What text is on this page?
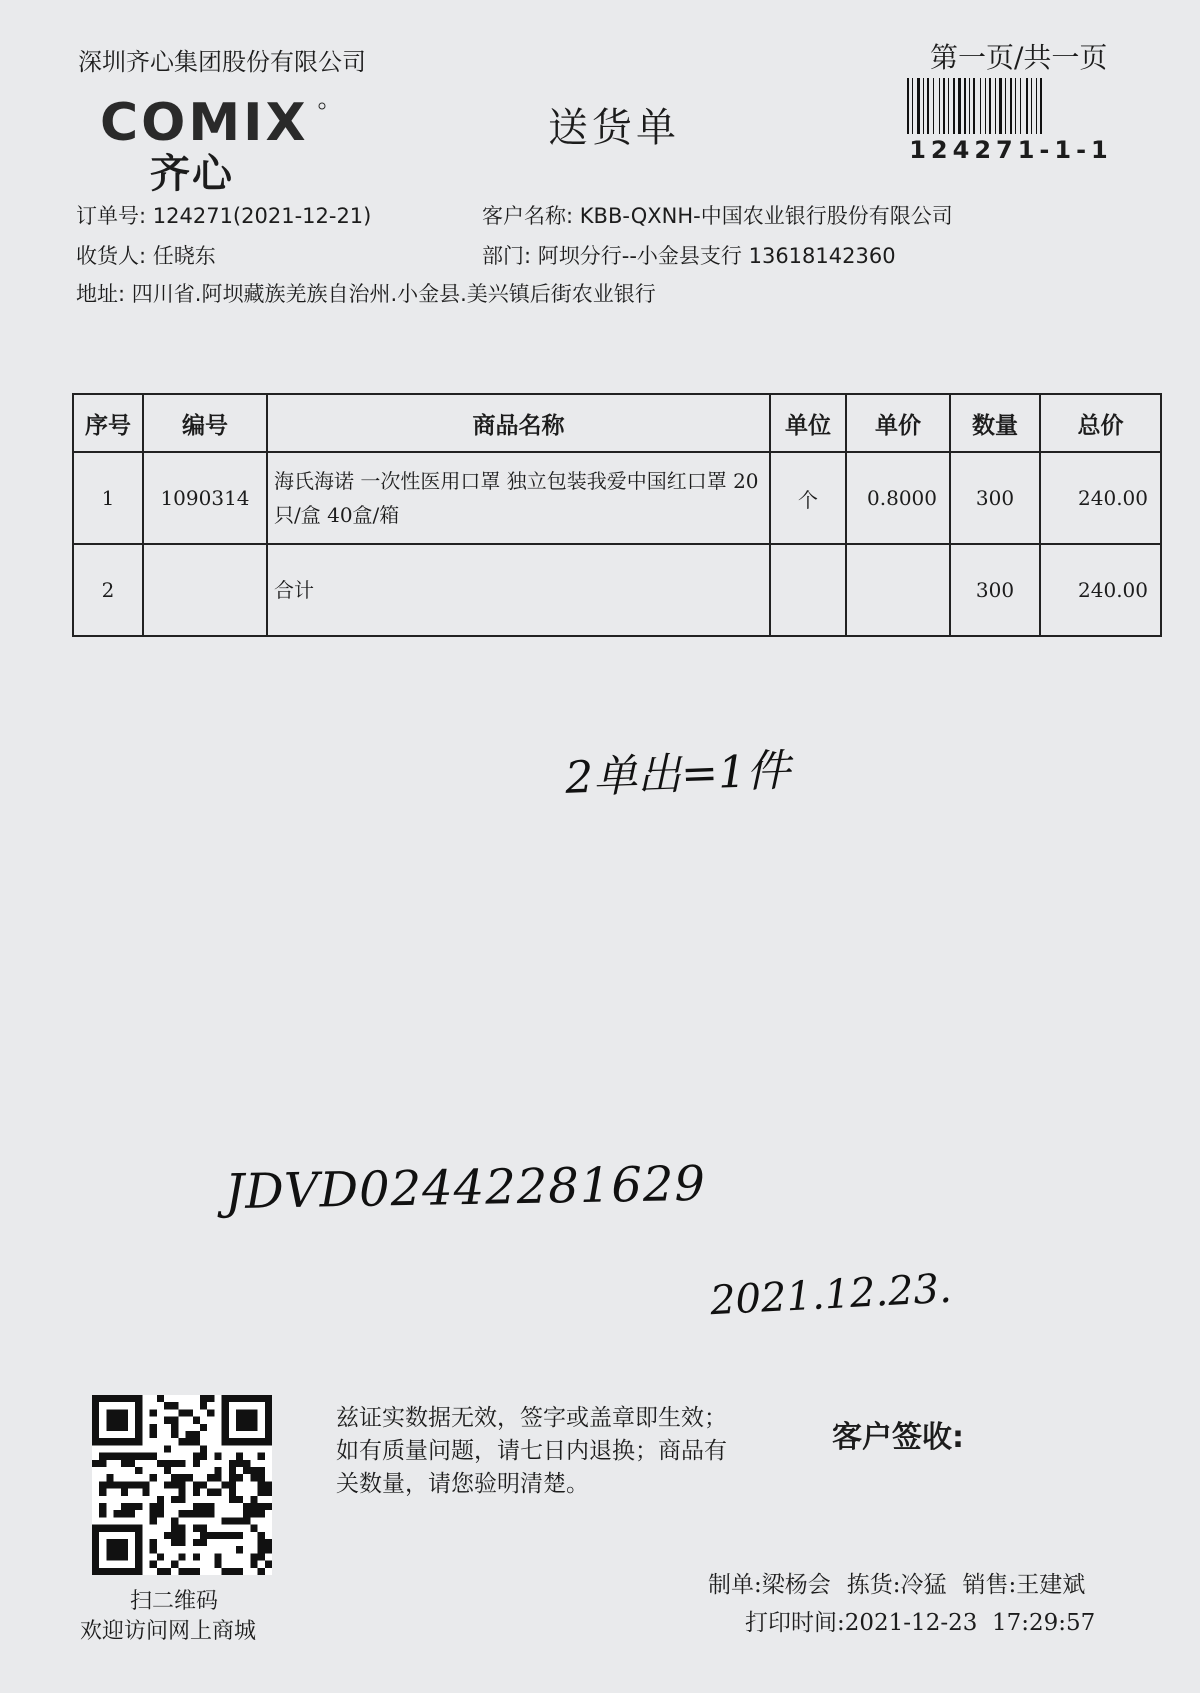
深圳齐心集团股份有限公司	第一页/共一页
124271-1-1
COMIX
齐心
送货单
订单号: 124271(2021-12-21)	客户名称: KBB-QXNH-中国农业银行股份有限公司
收货人: 任晓东	部门: 阿坝分行--小金县支行 13618142360
地址: 四川省.阿坝藏族羌族自治州.小金县.美兴镇后街农业银行
序号	编号	商品名称	单位	单价	数量	总价
1	1090314	海氏海诺 一次性医用口罩 独立包装我爱中国红口罩 20只/盒 40盒/箱	个	0.8000	300	240.00
2		合计			300	240.00
2单出=1件
JDVD02442281629
2021.12.23.
扫二维码
欢迎访问网上商城
兹证实数据无效，签字或盖章即生效；如有质量问题，请七日内退换；商品有关数量，请您验明清楚。
客户签收:
制单:梁杨会 拣货:冷猛 销售:王建斌
打印时间:2021-12-23  17:29:57
